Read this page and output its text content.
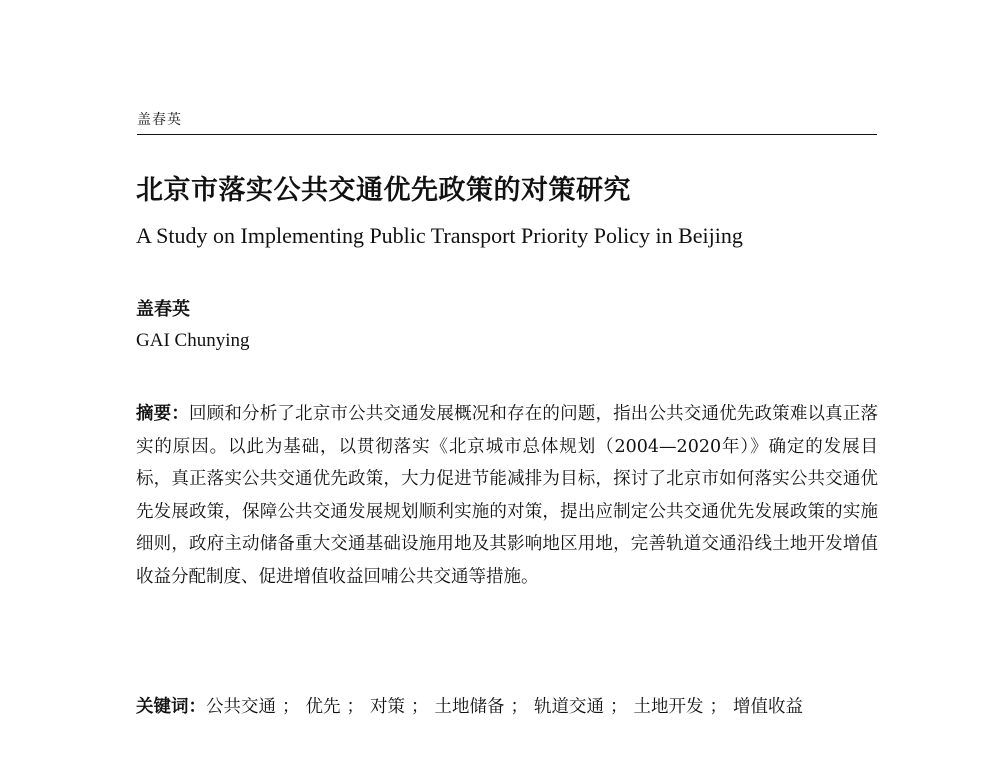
盖春英
北京市落实公共交通优先政策的对策研究
A Study on Implementing Public Transport Priority Policy in Beijing
盖春英
GAI Chunying
摘要：回顾和分析了北京市公共交通发展概况和存在的问题，指出公共交通优先政策难以真正落实的原因。以此为基础，以贯彻落实《北京城市总体规划（2004—2020年）》确定的发展目标，真正落实公共交通优先政策，大力促进节能减排为目标，探讨了北京市如何落实公共交通优先发展政策，保障公共交通发展规划顺利实施的对策，提出应制定公共交通优先发展政策的实施细则，政府主动储备重大交通基础设施用地及其影响地区用地，完善轨道交通沿线土地开发增值收益分配制度、促进增值收益回哺公共交通等措施。
关键词：公共交通 ； 优先 ； 对策 ； 土地储备 ； 轨道交通 ； 土地开发 ； 增值收益
